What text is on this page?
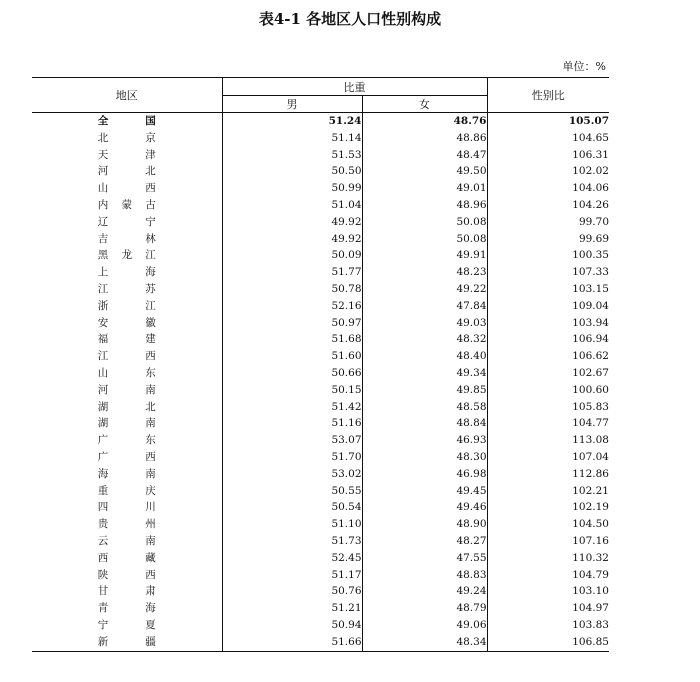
表4-1 各地区人口性别构成
单位：%
地区	比重		性别比
	男	女	
全 国	51.24	48.76	105.07
北 京	51.14	48.86	104.65
天 津	51.53	48.47	106.31
河 北	50.50	49.50	102.02
山 西	50.99	49.01	104.06
内蒙古	51.04	48.96	104.26
辽 宁	49.92	50.08	99.70
吉 林	49.92	50.08	99.69
黑龙江	50.09	49.91	100.35
上 海	51.77	48.23	107.33
江 苏	50.78	49.22	103.15
浙 江	52.16	47.84	109.04
安 徽	50.97	49.03	103.94
福 建	51.68	48.32	106.94
江 西	51.60	48.40	106.62
山 东	50.66	49.34	102.67
河 南	50.15	49.85	100.60
湖 北	51.42	48.58	105.83
湖 南	51.16	48.84	104.77
广 东	53.07	46.93	113.08
广 西	51.70	48.30	107.04
海 南	53.02	46.98	112.86
重 庆	50.55	49.45	102.21
四 川	50.54	49.46	102.19
贵 州	51.10	48.90	104.50
云 南	51.73	48.27	107.16
西 藏	52.45	47.55	110.32
陕 西	51.17	48.83	104.79
甘 肃	50.76	49.24	103.10
青 海	51.21	48.79	104.97
宁 夏	50.94	49.06	103.83
新 疆	51.66	48.34	106.85
